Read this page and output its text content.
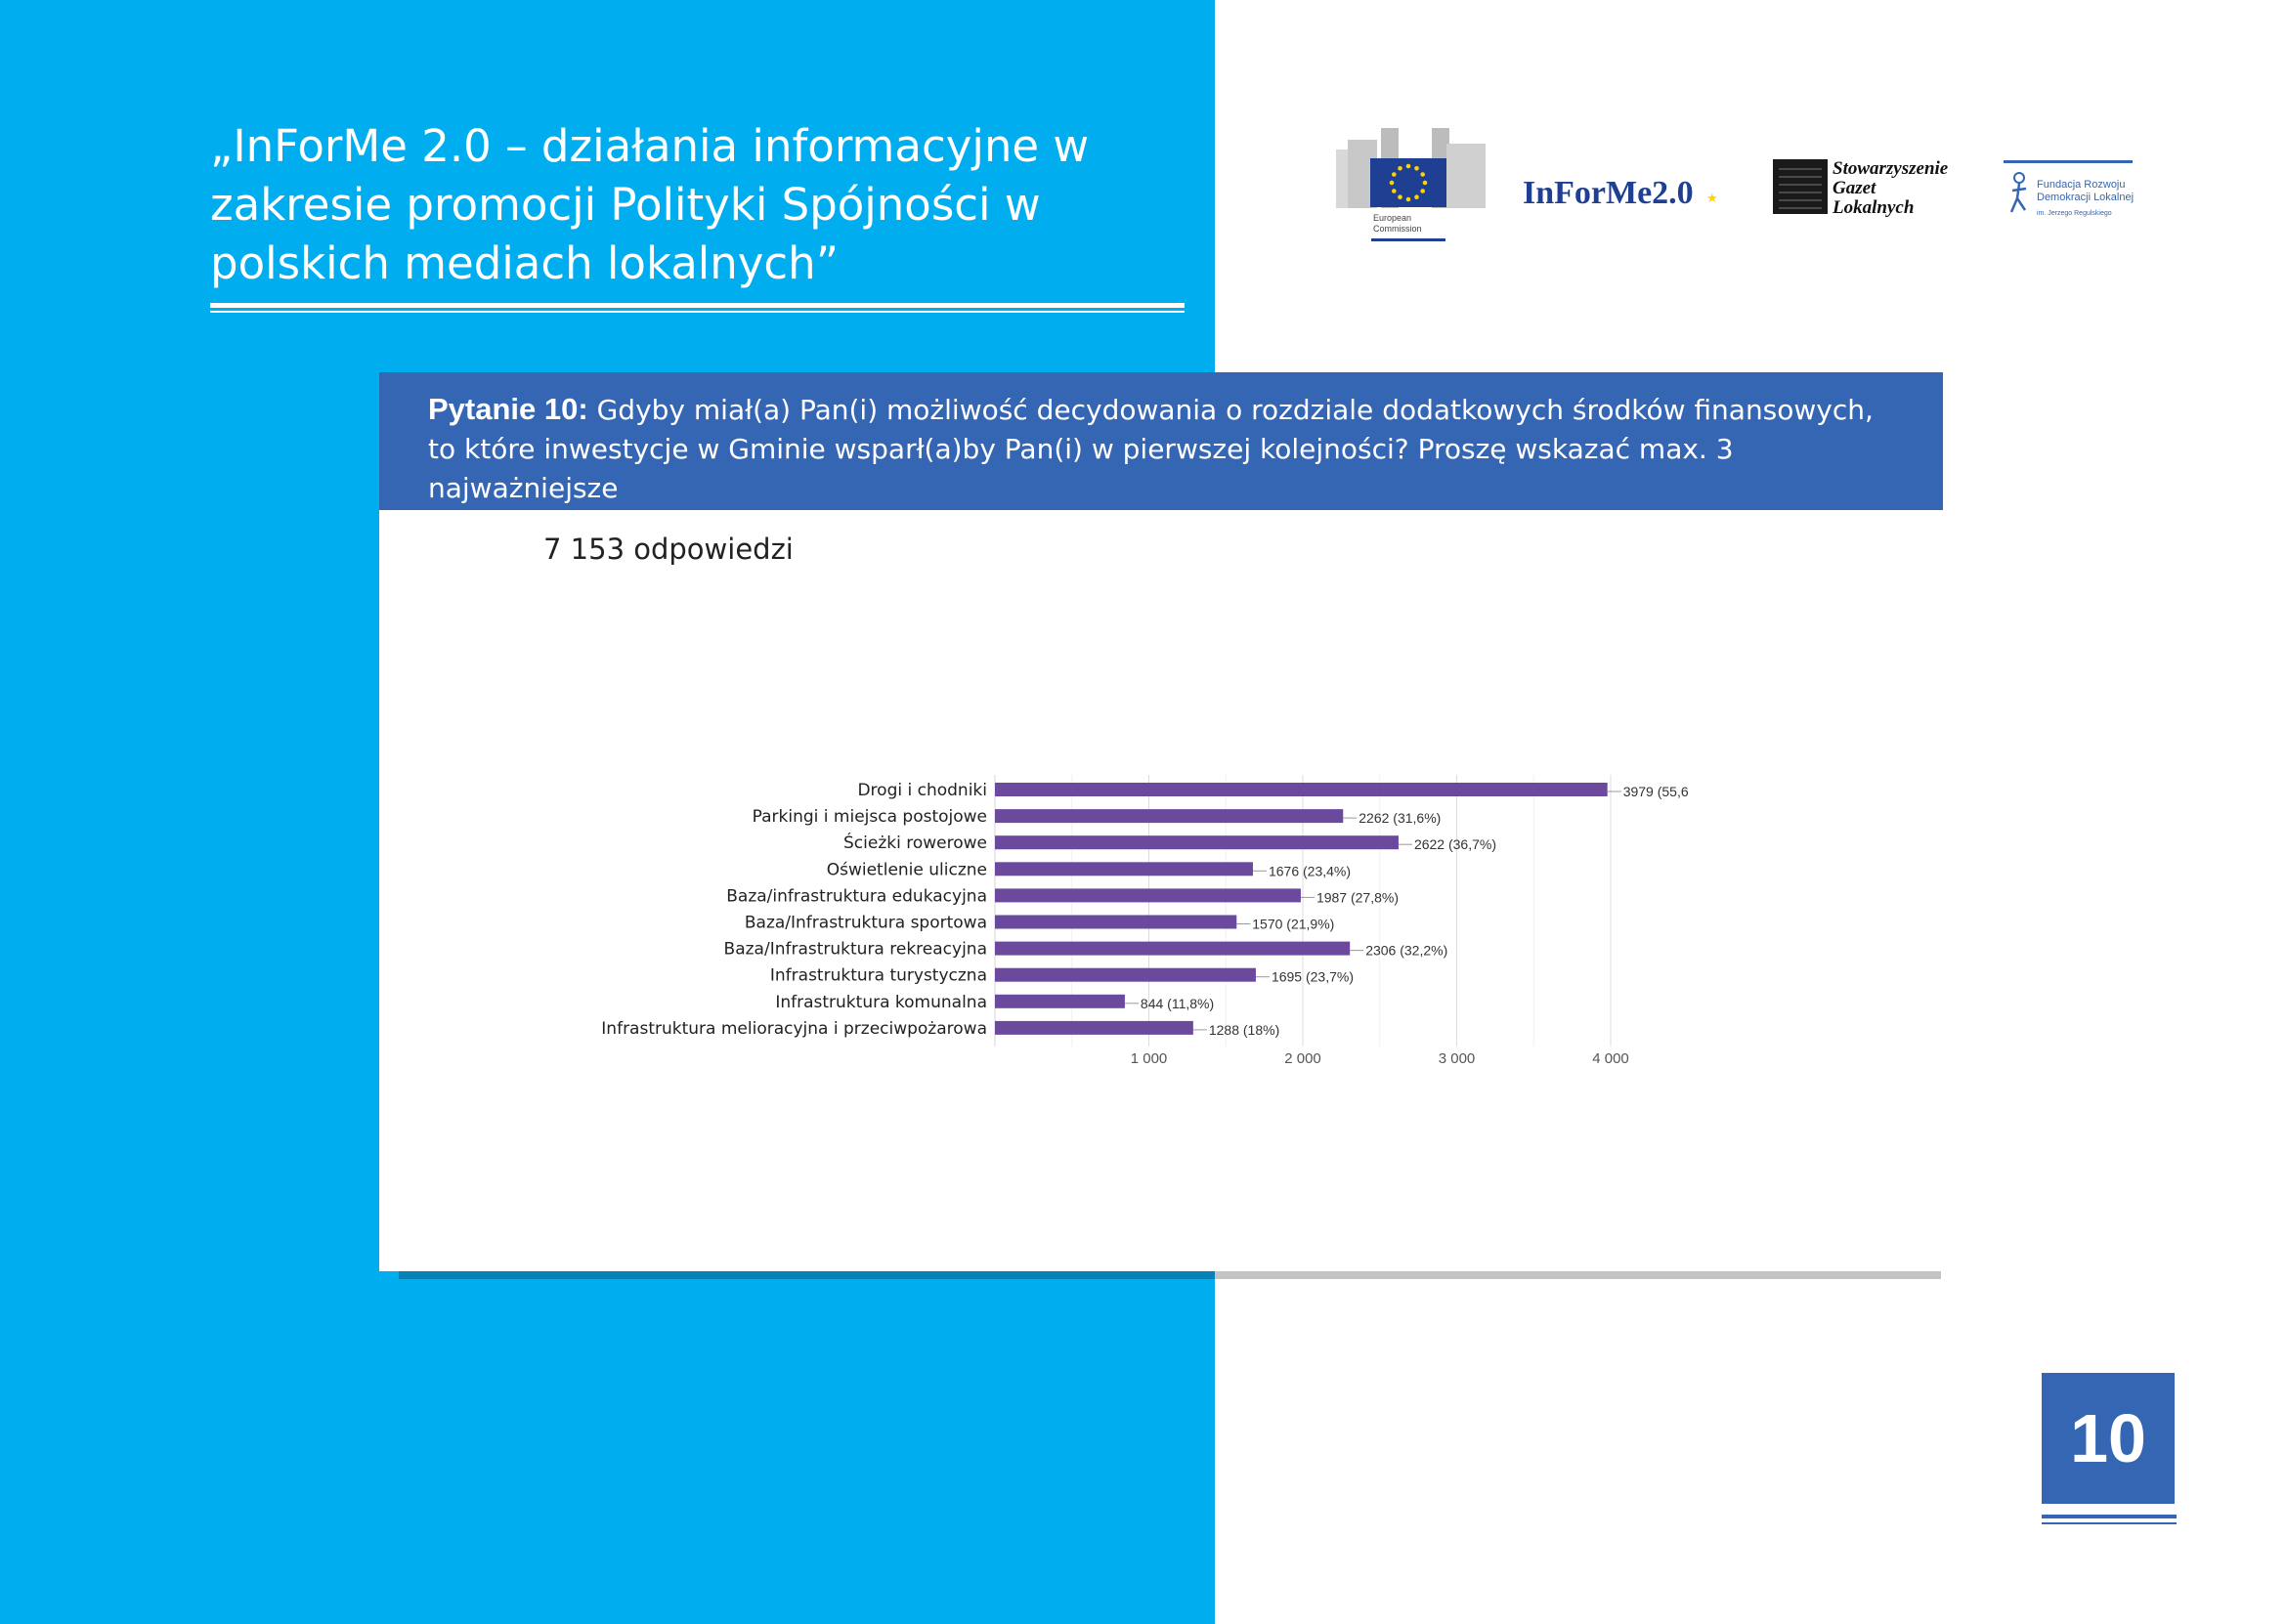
„InForMe 2.0 – działania informacyjne w zakresie promocji Polityki Spójności w polskich mediach lokalnych”
European
Commission
InForMe2.0 ★
Stowarzyszenie
Gazet
Lokalnych
Fundacja Rozwoju
Demokracji Lokalnej
im. Jerzego Regulskiego
Pytanie 10: Gdyby miał(a) Pan(i) możliwość decydowania o rozdziale dodatkowych środków finansowych, to które inwestycje w Gminie wsparł(a)by Pan(i) w pierwszej kolejności? Proszę wskazać max. 3 najważniejsze
7 153 odpowiedzi
Drogi i chodniki
Parkingi i miejsca postojowe
Ścieżki rowerowe
Oświetlenie uliczne
Baza/infrastruktura edukacyjna
Baza/Infrastruktura sportowa
Baza/Infrastruktura rekreacyjna
Infrastruktura turystyczna
Infrastruktura komunalna
Infrastruktura melioracyjna i przeciwpożarowa
3979 (55,6
2262 (31,6%)
2622 (36,7%)
1676 (23,4%)
1987 (27,8%)
1570 (21,9%)
2306 (32,2%)
1695 (23,7%)
844 (11,8%)
1288 (18%)
1 000	2 000	3 000	4 000
10
